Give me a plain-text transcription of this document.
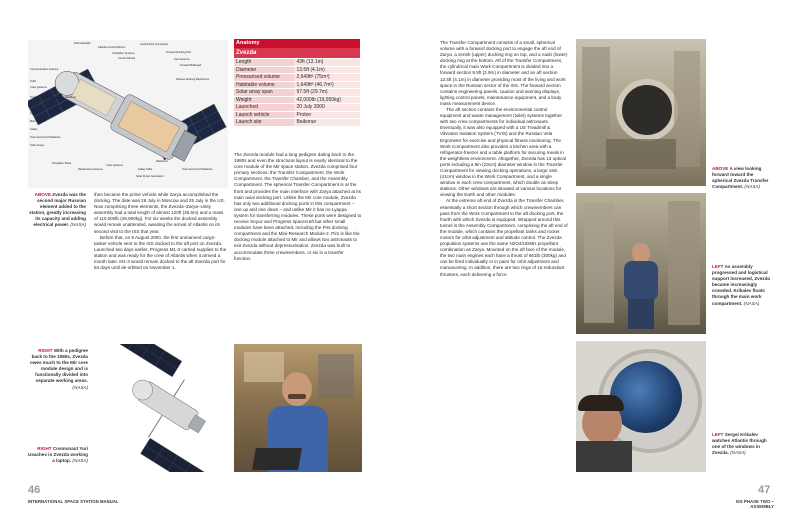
EVA Handrails
Attitude Control Monitor
Central Post (Computer)
Ventilation Systems
Control Panels
Forward Docking Port
Kurs Antenna
Forward Bulkhead
Communication Antenna
Toilet
Crew Quarters
Passive Docking Mechanism
Treadmill (Dedicated Exercise Machine)
Lamps
Main Engines
Galley
Thermal Control Radiators
Solar Arrays
Propellant Tanks
Rendezvous Antenna
Crew Quarters
Galley Table
Solar Power Generation
Wardroom
Thermal Control Radiators
ABOVE Zvezda was the second major Russian element added to the station, greatly increasing its capacity and adding electrical power. (NASA)

then became the prime vehicle while Zarya accomplished the docking. The date was 26 July in Moscow and 25 July in the US. Now comprising three elements, the Zvezda–Zarya–Unity assembly had a total length of almost 120ft (36.5m) and a mass of 110,000lb (49,900kg). For six weeks the docked assembly would remain unattended, awaiting the arrival of Atlantis on its second visit to the ISS that year.

Before that, on 8 August 2000, the first unmanned cargo-tanker vehicle sent to the ISS docked to the aft port on Zvezda. Launched two days earlier, Progress M1-3 carried supplies to the station and was ready for the crew of Atlantis when it arrived a month later. M1-3 would remain docked to the aft Zvezda port for 84 days until de-orbited on November 1.

RIGHT With a pedigree back to the 1980s, Zvezda owes much to the Mir core module design and is functionally divided into separate working areas. (NASA)
RIGHT Cosmonaut Yuri Usachev in Zvezda working a laptop. (NASA)
Anatomy
Zvezda
Length	43ft (13.1m)
Diameter	13.5ft (4.1m)
Pressurised volume	2,649ft³ (75m³)
Habitable volume	1,649ft³ (46.7m³)
Solar array span	97.5ft (29.7m)
Weight	42,000lb (19,050kg)
Launched	20 July 2000
Launch vehicle	Proton
Launch site	Baikonur

The Zvezda module had a long pedigree dating back to the 1980s and even the structural layout is nearly identical to the core module of the Mir space station. Zvezda comprised four primary sections: the Transfer Compartment, the Work Compartment, the Transfer Chamber, and the Assembly Compartment. The spherical Transfer Compartment is at the front and provides the main interface with Zarya attached at its main axial docking port. Unlike the Mir core module, Zvezda has only two additional docking ports in this compartment – one up and one down – and unlike Mir it has no Lyappa system for transferring modules. These ports were designed to receive Soyuz and Progress spacecraft but other small modules have been attached, including the Pirs docking compartment and the Mini-Research Module-2. Pirs is like the docking module attached to Mir and allows two astronauts to exit Zvezda without depressurisation. Zvezda was built to accommodate three crewmembers, or six in a transfer function.

46
INTERNATIONAL SPACE STATION MANUAL

The Transfer Compartment consists of a small, spherical volume with a forward docking port to engage the aft end of Zarya, a zenith (upper) docking ring on top, and a nadir (lower) docking ring at the bottom. Aft of the Transfer Compartment, the cylindrical main Work Compartment is divided into a forward section 9.5ft (2.9m) in diameter and an aft section 13.5ft (4.1m) in diameter providing most of the living and work space in the Russian sector of the ISS. The forward section contains engineering panels, caution and warning displays, lighting control panels, maintenance equipment, and a body mass measurement device.

The aft section contains the environmental control equipment and waste management (toilet) systems together with two crew compartments for individual astronauts. Eventually, it was also equipped with a US Treadmill & Vibration Isolation System (TVIS) and the Russian Vela Ergometer for exercise and physical fitness monitoring. The Work Compartment also provides a kitchen area with a refrigerator-freezer and a table platform for securing meals in the weightless environment. Altogether, Zvezda has 13 optical ports including a 9in (23cm) diameter window in the Transfer Compartment for viewing docking operations, a large 16in (41cm) window in the Work Compartment, and a single window in each crew compartment, which double as sleep stations. Other windows are situated at various locations for viewing the Earth and other modules.

At the extreme aft end of Zvezda is the Transfer Chamber, essentially a short section through which crewmembers can pass from the Work Compartment to the aft docking port, the fourth with which Zvezda is equipped. Wrapped around this tunnel is the Assembly Compartment, comprising the aft end of the module, which contains the propellant tanks and rocket motors for orbit adjustment and attitude control. The Zvezda propulsion systems use the same N2O4/UDMH propellant combination as Zarya. Mounted on the aft face of the module, the two main engines each have a thrust of 661lb (300kg) and can be fired individually or in pairs for orbit adjustment and manoeuvring. In addition, there are two rings of 16 redundant thrusters, each delivering a force

ABOVE A view looking forward toward the spherical Zvezda Transfer Compartment. (NASA)
LEFT As assembly progressed and logistical support increased, Zvezda became increasingly crowded. Krikalev floats through the main work compartment. (NASA)
LEFT Sergei Krikalev watches Atlantis through one of the windows in Zvezda. (NASA)
47
ISS PHASE TWO – ASSEMBLY
